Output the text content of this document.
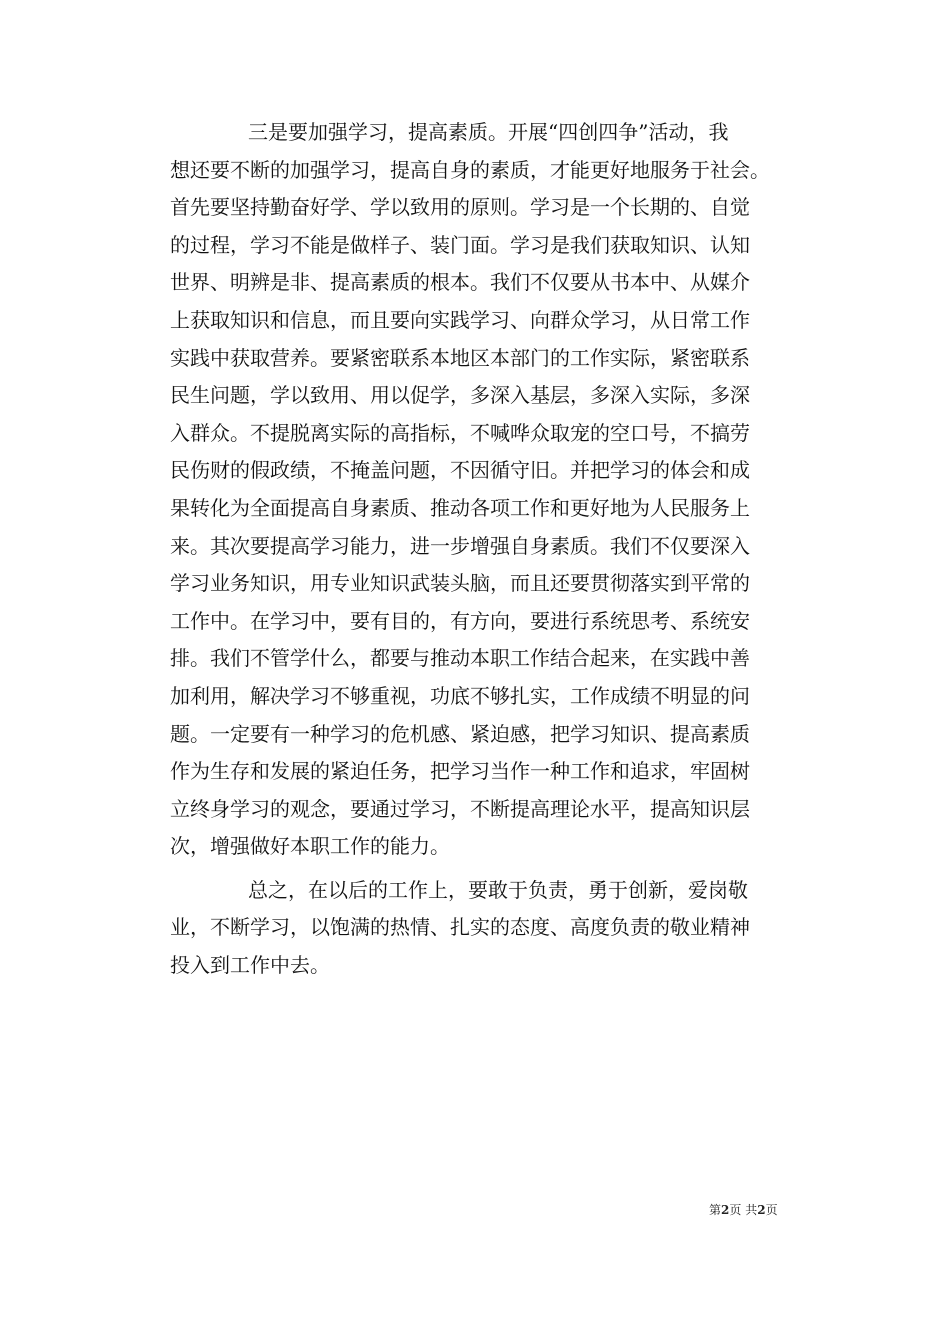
三是要加强学习，提高素质。开展“四创四争”活动，我
想还要不断的加强学习，提高自身的素质，才能更好地服务于社会。
首先要坚持勤奋好学、学以致用的原则。学习是一个长期的、自觉
的过程，学习不能是做样子、装门面。学习是我们获取知识、认知
世界、明辨是非、提高素质的根本。我们不仅要从书本中、从媒介
上获取知识和信息，而且要向实践学习、向群众学习，从日常工作
实践中获取营养。要紧密联系本地区本部门的工作实际，紧密联系
民生问题，学以致用、用以促学，多深入基层，多深入实际，多深
入群众。不提脱离实际的高指标，不喊哗众取宠的空口号，不搞劳
民伤财的假政绩，不掩盖问题，不因循守旧。并把学习的体会和成
果转化为全面提高自身素质、推动各项工作和更好地为人民服务上
来。其次要提高学习能力，进一步增强自身素质。我们不仅要深入
学习业务知识，用专业知识武装头脑，而且还要贯彻落实到平常的
工作中。在学习中，要有目的，有方向，要进行系统思考、系统安
排。我们不管学什么，都要与推动本职工作结合起来，在实践中善
加利用，解决学习不够重视，功底不够扎实，工作成绩不明显的问
题。一定要有一种学习的危机感、紧迫感，把学习知识、提高素质
作为生存和发展的紧迫任务，把学习当作一种工作和追求，牢固树
立终身学习的观念，要通过学习，不断提高理论水平，提高知识层
次，增强做好本职工作的能力。
总之，在以后的工作上，要敢于负责，勇于创新，爱岗敬
业，不断学习，以饱满的热情、扎实的态度、高度负责的敬业精神
投入到工作中去。
第2页 共2页
